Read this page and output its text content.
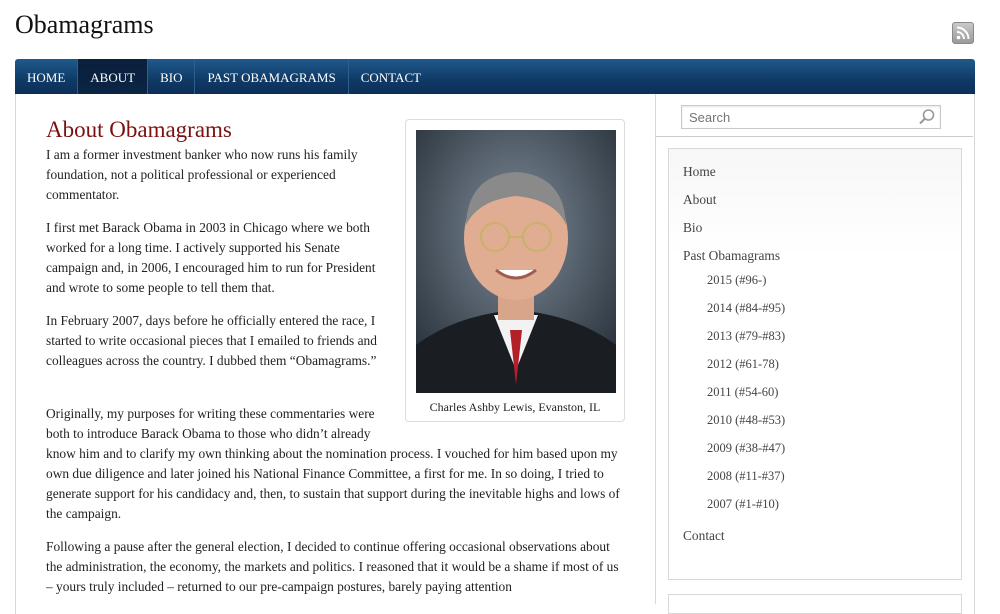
Obamagrams
HOME	ABOUT	BIO	PAST OBAMAGRAMS	CONTACT
About Obamagrams
Charles Ashby Lewis, Evanston, IL

I am a former investment banker who now runs his family foundation, not a political professional or experienced commentator.

I first met Barack Obama in 2003 in Chicago where we both worked for a long time. I actively supported his Senate campaign and, in 2006, I encouraged him to run for President and wrote to some people to tell them that.

In February 2007, days before he officially entered the race, I started to write occasional pieces that I emailed to friends and colleagues across the country. I dubbed them “Obamagrams.”

Originally, my purposes for writing these commentaries were both to introduce Barack Obama to those who didn’t already know him and to clarify my own thinking about the nomination process. I vouched for him based upon my own due diligence and later joined his National Finance Committee, a first for me. In so doing, I tried to generate support for his candidacy and, then, to sustain that support during the inevitable highs and lows of the campaign.

Following a pause after the general election, I decided to continue offering occasional observations about the administration, the economy, the markets and politics. I reasoned that it would be a shame if most of us – yours truly included – returned to our pre-campaign postures, barely paying attention

Search
Home
About
Bio
Past Obamagrams
2015 (#96-)
2014 (#84-#95)
2013 (#79-#83)
2012 (#61-78)
2011 (#54-60)
2010 (#48-#53)
2009 (#38-#47)
2008 (#11-#37)
2007 (#1-#10)
Contact
